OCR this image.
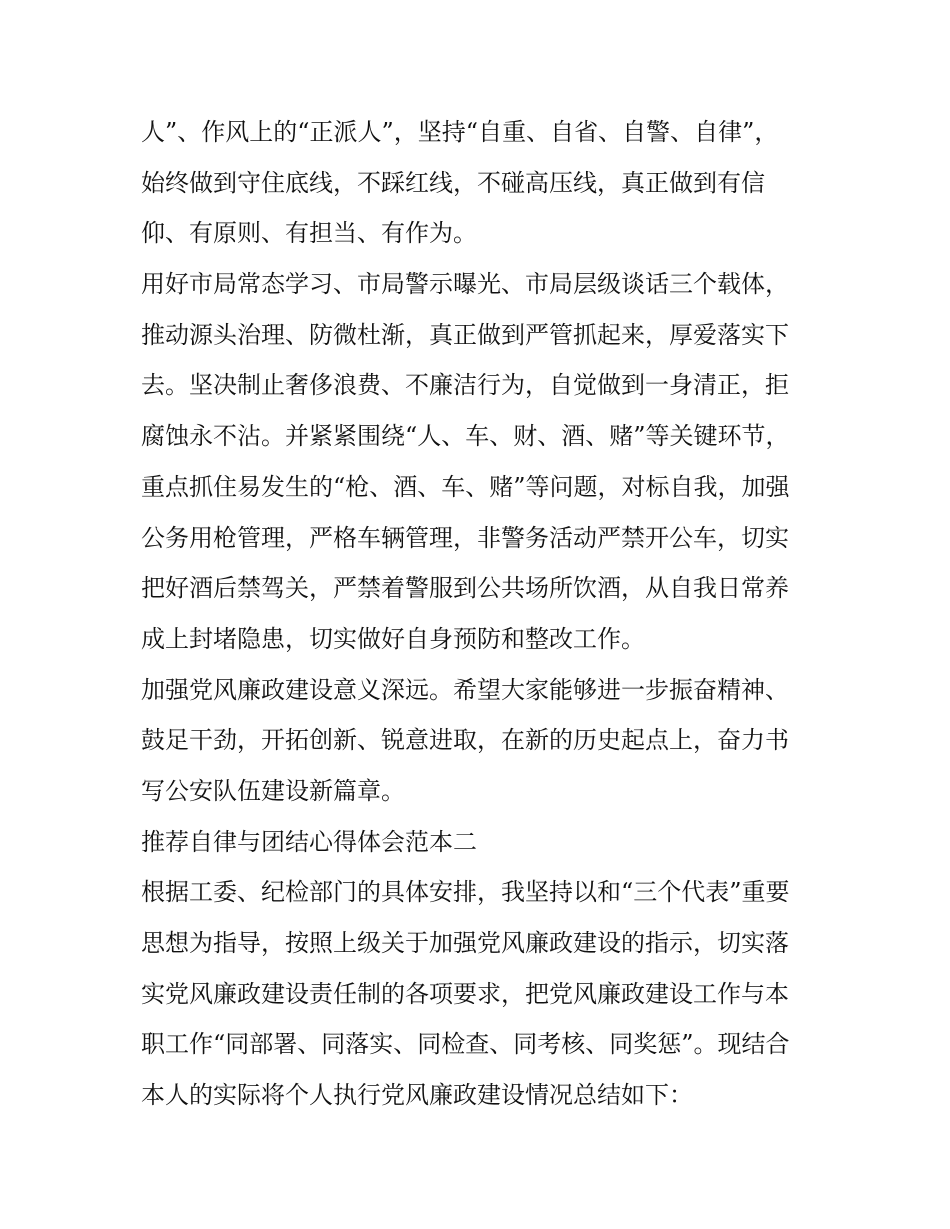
人”、作风上的“正派人”，坚持“自重、自省、自警、自律”，
始终做到守住底线，不踩红线，不碰高压线，真正做到有信
仰、有原则、有担当、有作为。
用好市局常态学习、市局警示曝光、市局层级谈话三个载体，
推动源头治理、防微杜渐，真正做到严管抓起来，厚爱落实下
去。坚决制止奢侈浪费、不廉洁行为，自觉做到一身清正，拒
腐蚀永不沾。并紧紧围绕“人、车、财、酒、赌”等关键环节，
重点抓住易发生的“枪、酒、车、赌”等问题，对标自我，加强
公务用枪管理，严格车辆管理，非警务活动严禁开公车，切实
把好酒后禁驾关，严禁着警服到公共场所饮酒，从自我日常养
成上封堵隐患，切实做好自身预防和整改工作。
加强党风廉政建设意义深远。希望大家能够进一步振奋精神、
鼓足干劲，开拓创新、锐意进取，在新的历史起点上，奋力书
写公安队伍建设新篇章。
推荐自律与团结心得体会范本二
根据工委、纪检部门的具体安排，我坚持以和“三个代表”重要
思想为指导，按照上级关于加强党风廉政建设的指示，切实落
实党风廉政建设责任制的各项要求，把党风廉政建设工作与本
职工作“同部署、同落实、同检查、同考核、同奖惩”。现结合
本人的实际将个人执行党风廉政建设情况总结如下：
